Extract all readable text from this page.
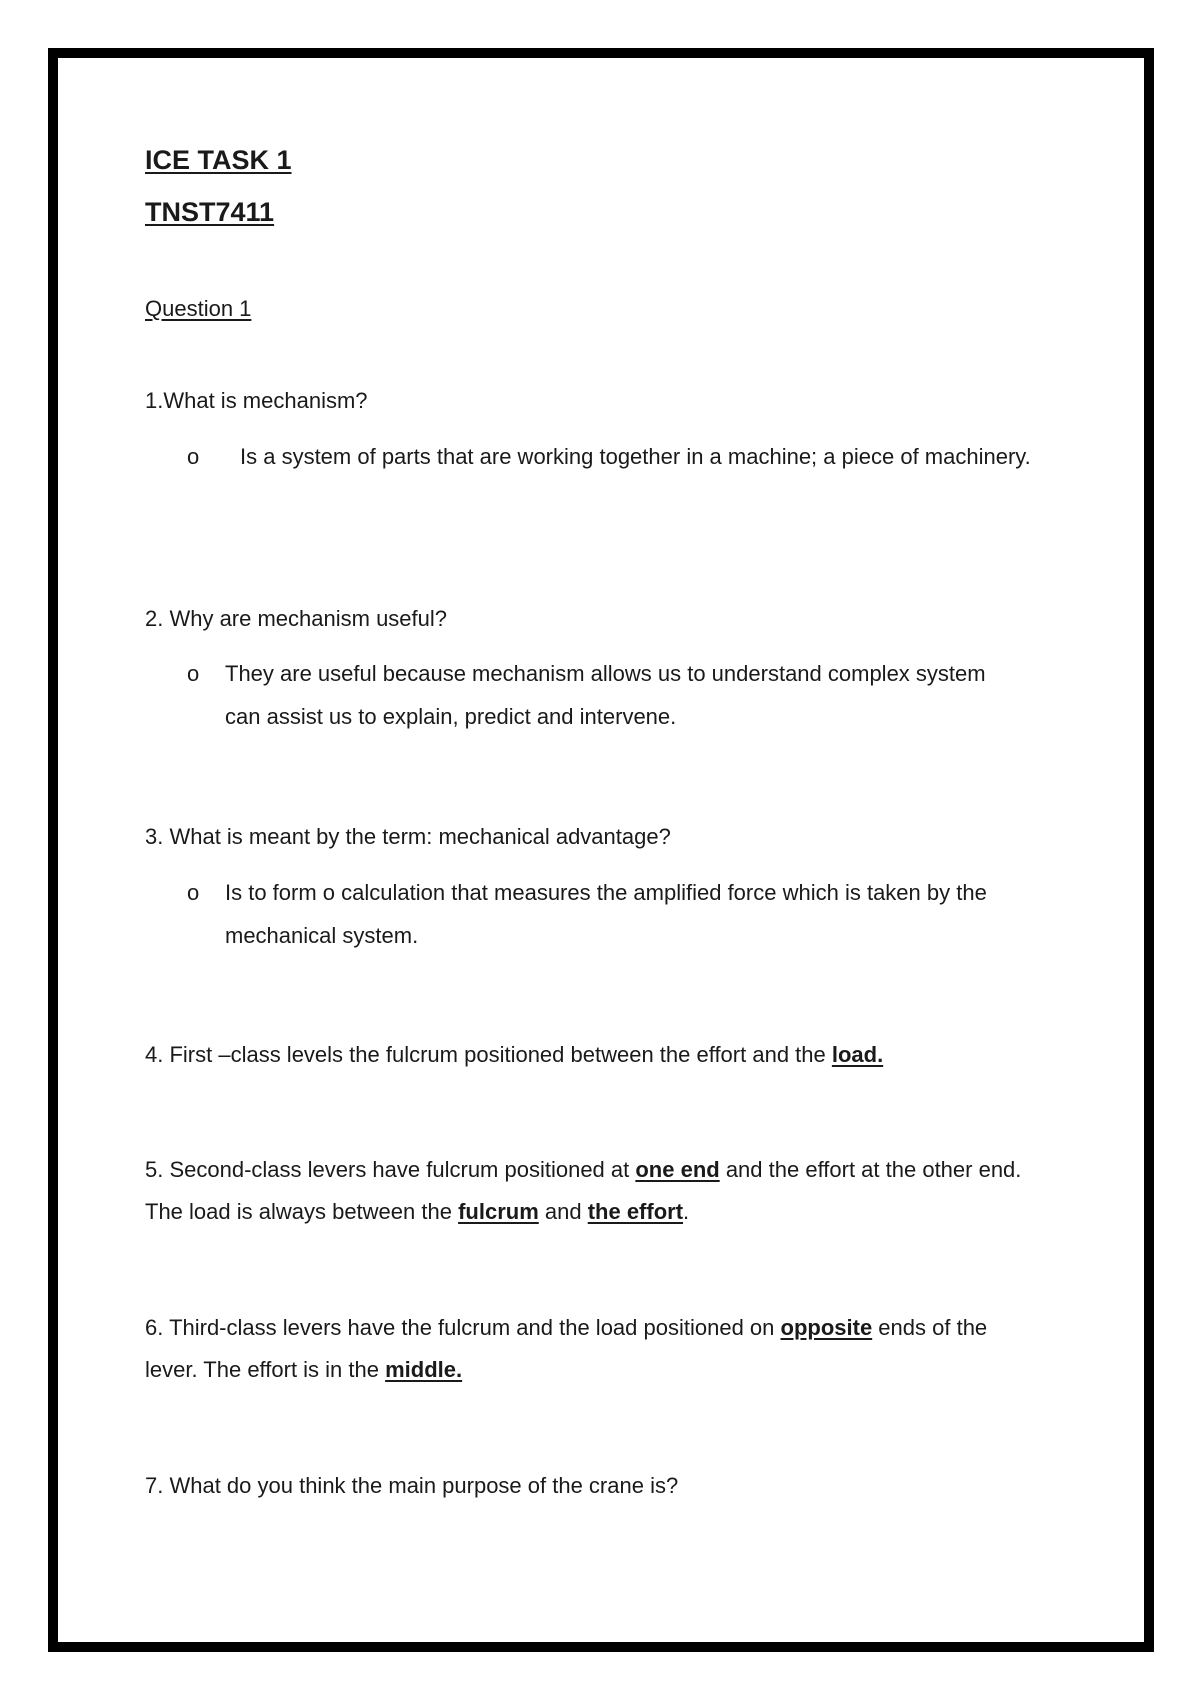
ICE TASK 1
TNST7411
Question 1
1.What is mechanism?
o Is a system of parts that are working together in a machine; a piece of machinery.
2. Why are mechanism useful?
o They are useful because mechanism allows us to understand complex system can assist us to explain, predict and intervene.
3. What is meant by the term: mechanical advantage?
o Is to form o calculation that measures the amplified force which is taken by the mechanical system.
4. First –class levels the fulcrum positioned between the effort and the load.
5. Second-class levers have fulcrum positioned at one end and the effort at the other end. The load is always between the fulcrum and the effort.
6. Third-class levers have the fulcrum and the load positioned on opposite ends of the lever. The effort is in the middle.
7. What do you think the main purpose of the crane is?
